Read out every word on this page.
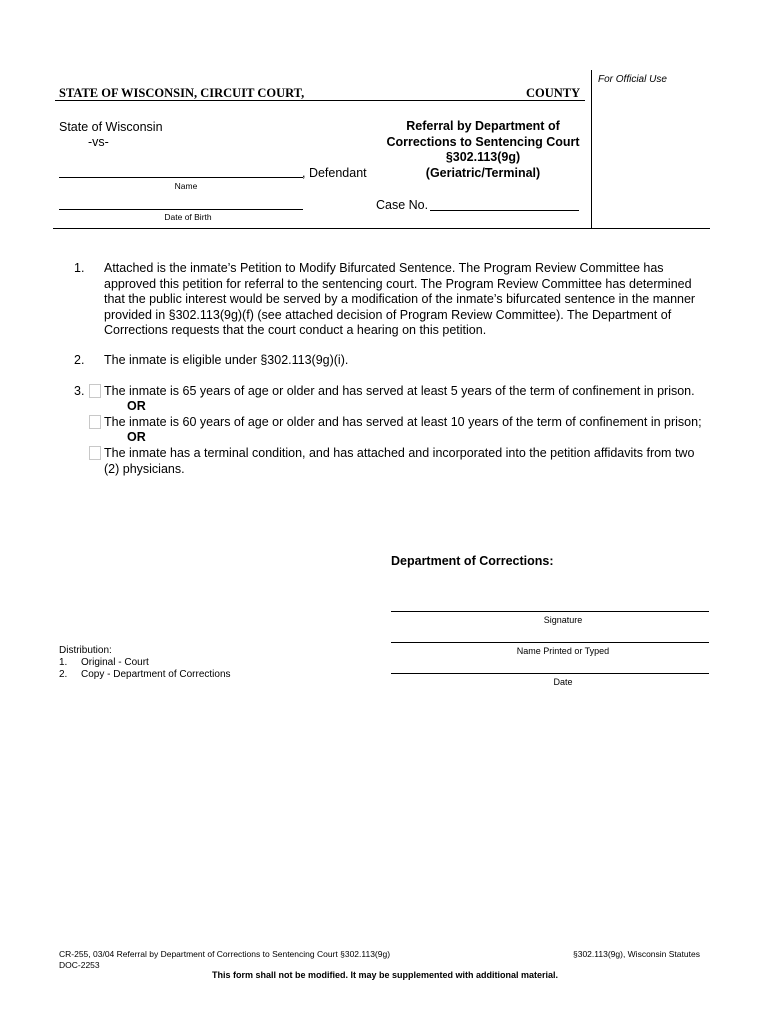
For Official Use
STATE OF WISCONSIN, CIRCUIT COURT,	COUNTY
State of Wisconsin
-vs-
, Defendant
Name
Date of Birth
Referral by Department of
Corrections to Sentencing Court
§302.113(9g)
(Geriatric/Terminal)
Case No.
1. Attached is the inmate’s Petition to Modify Bifurcated Sentence. The Program Review Committee has approved this petition for referral to the sentencing court. The Program Review Committee has determined that the public interest would be served by a modification of the inmate’s bifurcated sentence in the manner provided in §302.113(9g)(f) (see attached decision of Program Review Committee). The Department of Corrections requests that the court conduct a hearing on this petition.
2. The inmate is eligible under §302.113(9g)(i).
3. The inmate is 65 years of age or older and has served at least 5 years of the term of confinement in prison.
OR
The inmate is 60 years of age or older and has served at least 10 years of the term of confinement in prison;
OR
The inmate has a terminal condition, and has attached and incorporated into the petition affidavits from two (2) physicians.
Department of Corrections:
Signature
Name Printed or Typed
Date
Distribution:
1. Original - Court
2. Copy - Department of Corrections
CR-255, 03/04 Referral by Department of Corrections to Sentencing Court §302.113(9g)
DOC-2253
§302.113(9g), Wisconsin Statutes
This form shall not be modified. It may be supplemented with additional material.
